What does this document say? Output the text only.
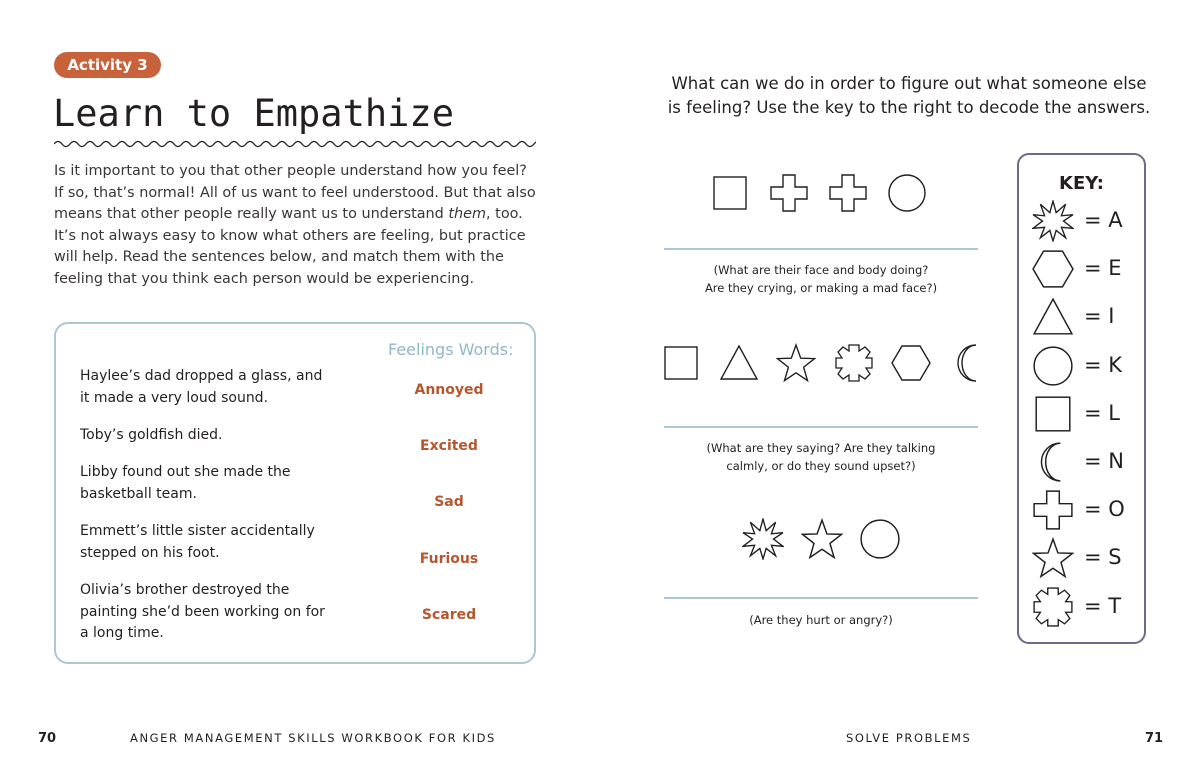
Activity 3
Learn to Empathize

Is it important to you that other people understand how you feel? If so, that’s normal! All of us want to feel understood. But that also means that other people really want us to understand them, too. It’s not always easy to know what others are feeling, but practice will help. Read the sentences below, and match them with the feeling that you think each person would be experiencing.

Feelings Words:
Haylee’s dad dropped a glass, and it made a very loud sound.
Toby’s goldfish died.
Libby found out she made the basketball team.
Emmett’s little sister accidentally stepped on his foot.
Olivia’s brother destroyed the painting she’d been working on for a long time.
Annoyed
Excited
Sad
Furious
Scared
What can we do in order to figure out what someone else is feeling? Use the key to the right to decode the answers.
(What are their face and body doing?
Are they crying, or making a mad face?)
(What are they saying? Are they talking
calmly, or do they sound upset?)
(Are they hurt or angry?)
KEY:
= A
= E
= I
= K
= L
= N
= O
= S
= T
70	ANGER MANAGEMENT SKILLS WORKBOOK FOR KIDS	SOLVE PROBLEMS	71
